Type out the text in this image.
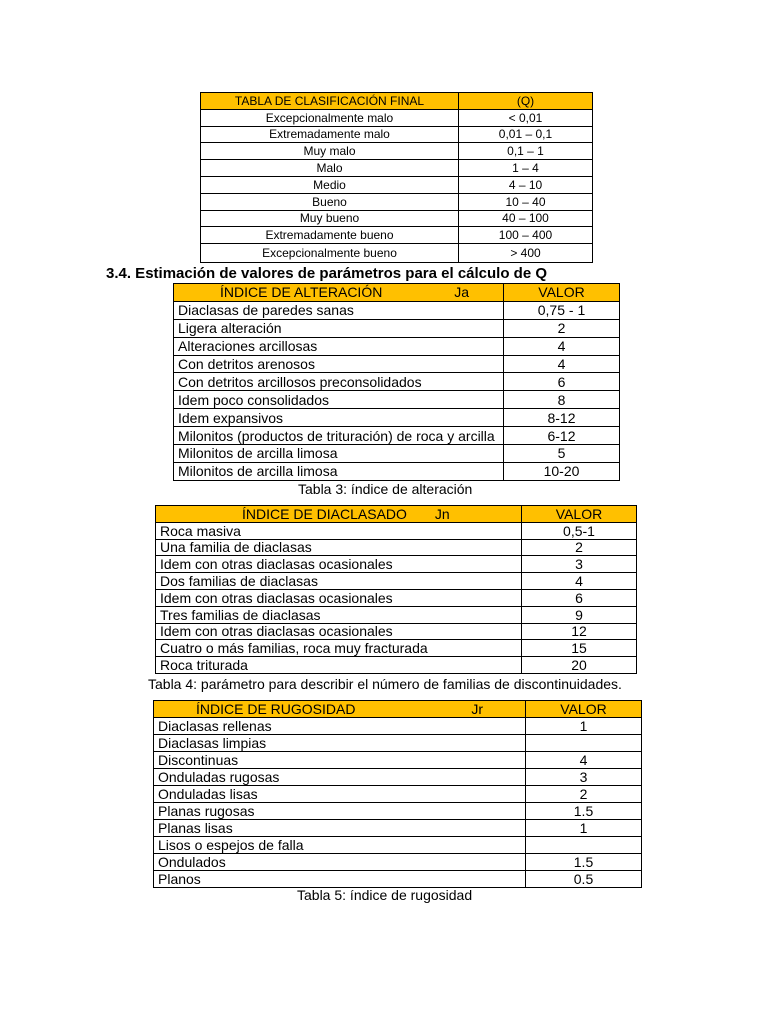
TABLA DE CLASIFICACIÓN FINAL	(Q)
Excepcionalmente malo	< 0,01
Extremadamente malo	0,01 – 0,1
Muy malo	0,1 – 1
Malo	1 – 4
Medio	4 – 10
Bueno	10 – 40
Muy bueno	40 – 100
Extremadamente bueno	100 – 400
Excepcionalmente bueno	> 400

3.4. Estimación de valores de parámetros para el cálculo de Q

ÍNDICE DE ALTERACIÓN Ja	VALOR
Diaclasas de paredes sanas	0,75 - 1
Ligera alteración	2
Alteraciones arcillosas	4
Con detritos arenosos	4
Con detritos arcillosos preconsolidados	6
Idem poco consolidados	8
Idem expansivos	8-12
Milonitos (productos de trituración) de roca y arcilla	6-12
Milonitos de arcilla limosa	5
Milonitos de arcilla limosa	10-20

Tabla 3: índice de alteración

ÍNDICE DE DIACLASADO Jn	VALOR
Roca masiva	0,5-1
Una familia de diaclasas	2
Idem con otras diaclasas ocasionales	3
Dos familias de diaclasas	4
Idem con otras diaclasas ocasionales	6
Tres familias de diaclasas	9
Idem con otras diaclasas ocasionales	12
Cuatro o más familias, roca muy fracturada	15
Roca triturada	20

Tabla 4: parámetro para describir el número de familias de discontinuidades.

ÍNDICE DE RUGOSIDAD Jr	VALOR
Diaclasas rellenas	1
Diaclasas limpias	
Discontinuas	4
Onduladas rugosas	3
Onduladas lisas	2
Planas rugosas	1.5
Planas lisas	1
Lisos o espejos de falla	
Ondulados	1.5
Planos	0.5

Tabla 5: índice de rugosidad
